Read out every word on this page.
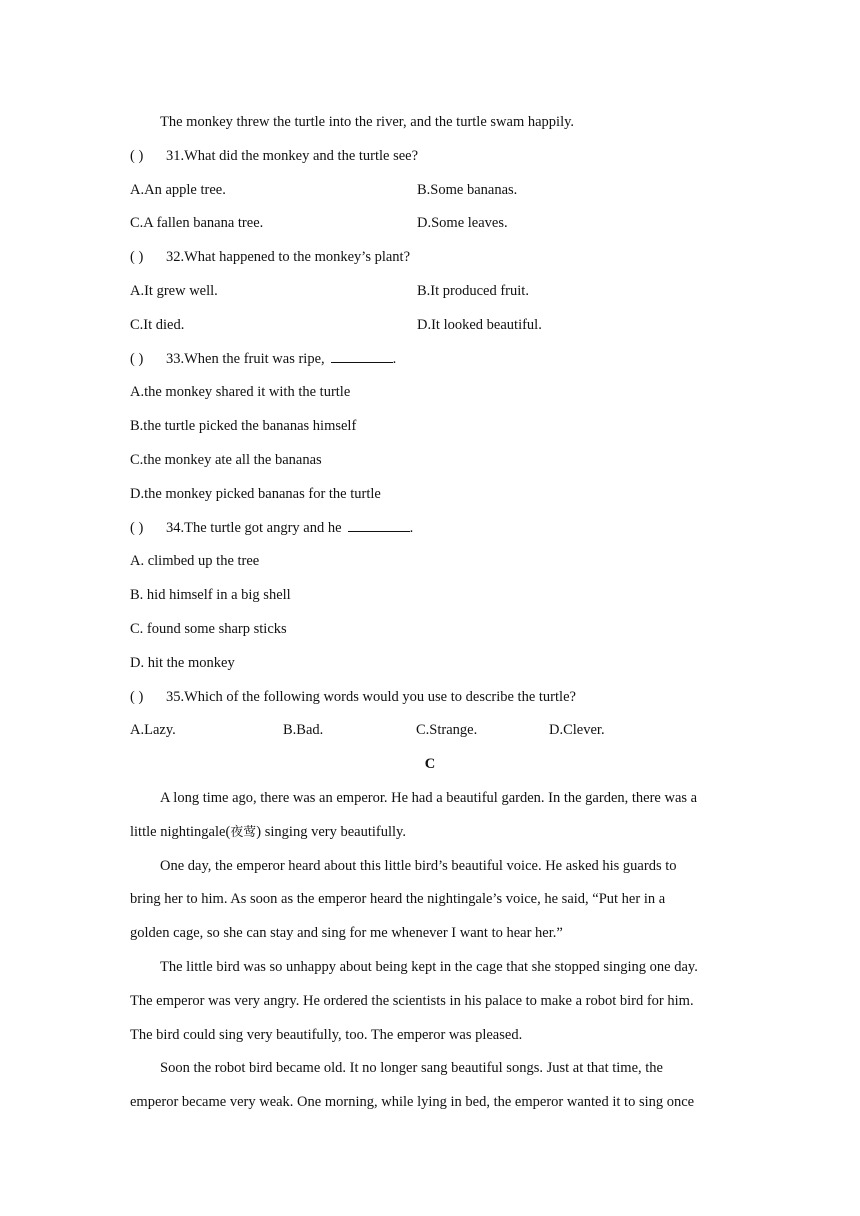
The monkey threw the turtle into the river, and the turtle swam happily.
( ) 31.What did the monkey and the turtle see?
A.An apple tree.	B.Some bananas.
C.A fallen banana tree.	D.Some leaves.
( ) 32.What happened to the monkey’s plant?
A.It grew well.	B.It produced fruit.
C.It died.	D.It looked beautiful.
( ) 33.When the fruit was ripe,	.
A.the monkey shared it with the turtle
B.the turtle picked the bananas himself
C.the monkey ate all the bananas
D.the monkey picked bananas for the turtle
( ) 34.The turtle got angry and he	.
A. climbed up the tree
B. hid himself in a big shell
C. found some sharp sticks
D. hit the monkey
( ) 35.Which of the following words would you use to describe the turtle?
A.Lazy.	B.Bad.	C.Strange.	D.Clever.
C
A long time ago, there was an emperor. He had a beautiful garden. In the garden, there was a
little nightingale(夜莺) singing very beautifully.
One day, the emperor heard about this little bird’s beautiful voice. He asked his guards to
bring her to him. As soon as the emperor heard the nightingale’s voice, he said, “Put her in a
golden cage, so she can stay and sing for me whenever I want to hear her.”
The little bird was so unhappy about being kept in the cage that she stopped singing one day.
The emperor was very angry. He ordered the scientists in his palace to make a robot bird for him.
The bird could sing very beautifully, too. The emperor was pleased.
Soon the robot bird became old. It no longer sang beautiful songs. Just at that time, the
emperor became very weak. One morning, while lying in bed, the emperor wanted it to sing once
